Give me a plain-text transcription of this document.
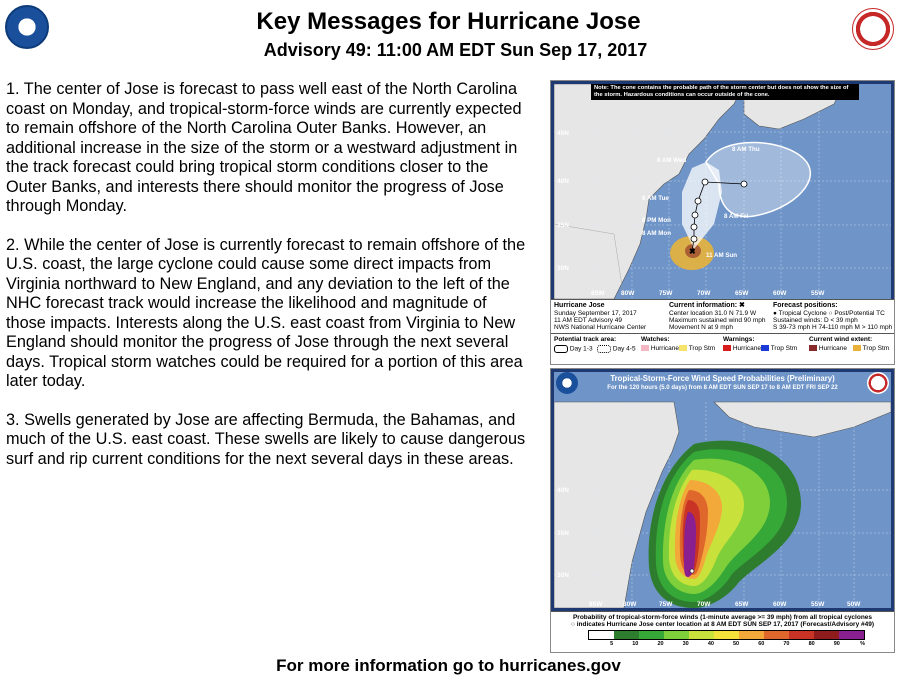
Key Messages for Hurricane Jose
Advisory 49: 11:00 AM EDT Sun Sep 17, 2017

1. The center of Jose is forecast to pass well east of the North Carolina coast on Monday, and tropical-storm-force winds are currently expected to remain offshore of the North Carolina Outer Banks. However, an additional increase in the size of the storm or a westward adjustment in the track forecast could bring tropical storm conditions closer to the Outer Banks, and interests there should monitor the progress of Jose through Monday.

2. While the center of Jose is currently forecast to remain offshore of the U.S. coast, the large cyclone could cause some direct impacts from Virginia northward to New England, and any deviation to the left of the NHC forecast track would increase the likelihood and magnitude of those impacts. Interests along the U.S. east coast from Virginia to New England should monitor the progress of Jose through the next several days. Tropical storm watches could be required for a portion of this area later today.

3. Swells generated by Jose are affecting Bermuda, the Bahamas, and much of the U.S. east coast. These swells are likely to cause dangerous surf and rip current conditions for the next several days in these areas.

✖
8 AM Thu
8 AM Wed
8 AM Fri
8 AM Tue
8 PM Mon
8 AM Mon
11 AM Sun
45N
40N
35N
30N
Note: The cone contains the probable path of the storm center but does not show the size of the storm. Hazardous conditions can occur outside of the cone.
85W	80W	75W	70W	65W	60W	55W
Hurricane Jose
Sunday September 17, 2017
11 AM EDT Advisory 49
NWS National Hurricane Center
Current information: ✖
Center location 31.0 N 71.9 W
Maximum sustained wind 90 mph
Movement N at 9 mph
Forecast positions:
● Tropical Cyclone ○ Post/Potential TC
Sustained winds: D < 39 mph
S 39-73 mph H 74-110 mph M > 110 mph
Potential track area:
Day 1-3	Day 4-5
Watches:
Hurricane	Trop Stm
Warnings:
Hurricane	Trop Stm
Current wind extent:
Hurricane	Trop Stm
40N
35N
30N
Tropical-Storm-Force Wind Speed Probabilities (Preliminary)
For the 120 hours (5.0 days) from 8 AM EDT SUN SEP 17 to 8 AM EDT FRI SEP 22
85W	80W	75W	70W	65W	60W	55W	50W
Probability of tropical-storm-force winds (1-minute average >= 39 mph) from all tropical cyclones
○ indicates Hurricane Jose center location at 8 AM EDT SUN SEP 17, 2017 (Forecast/Advisory #49)
5	10	20	30	40	50	60	70	80	90	%
For more information go to hurricanes.gov
